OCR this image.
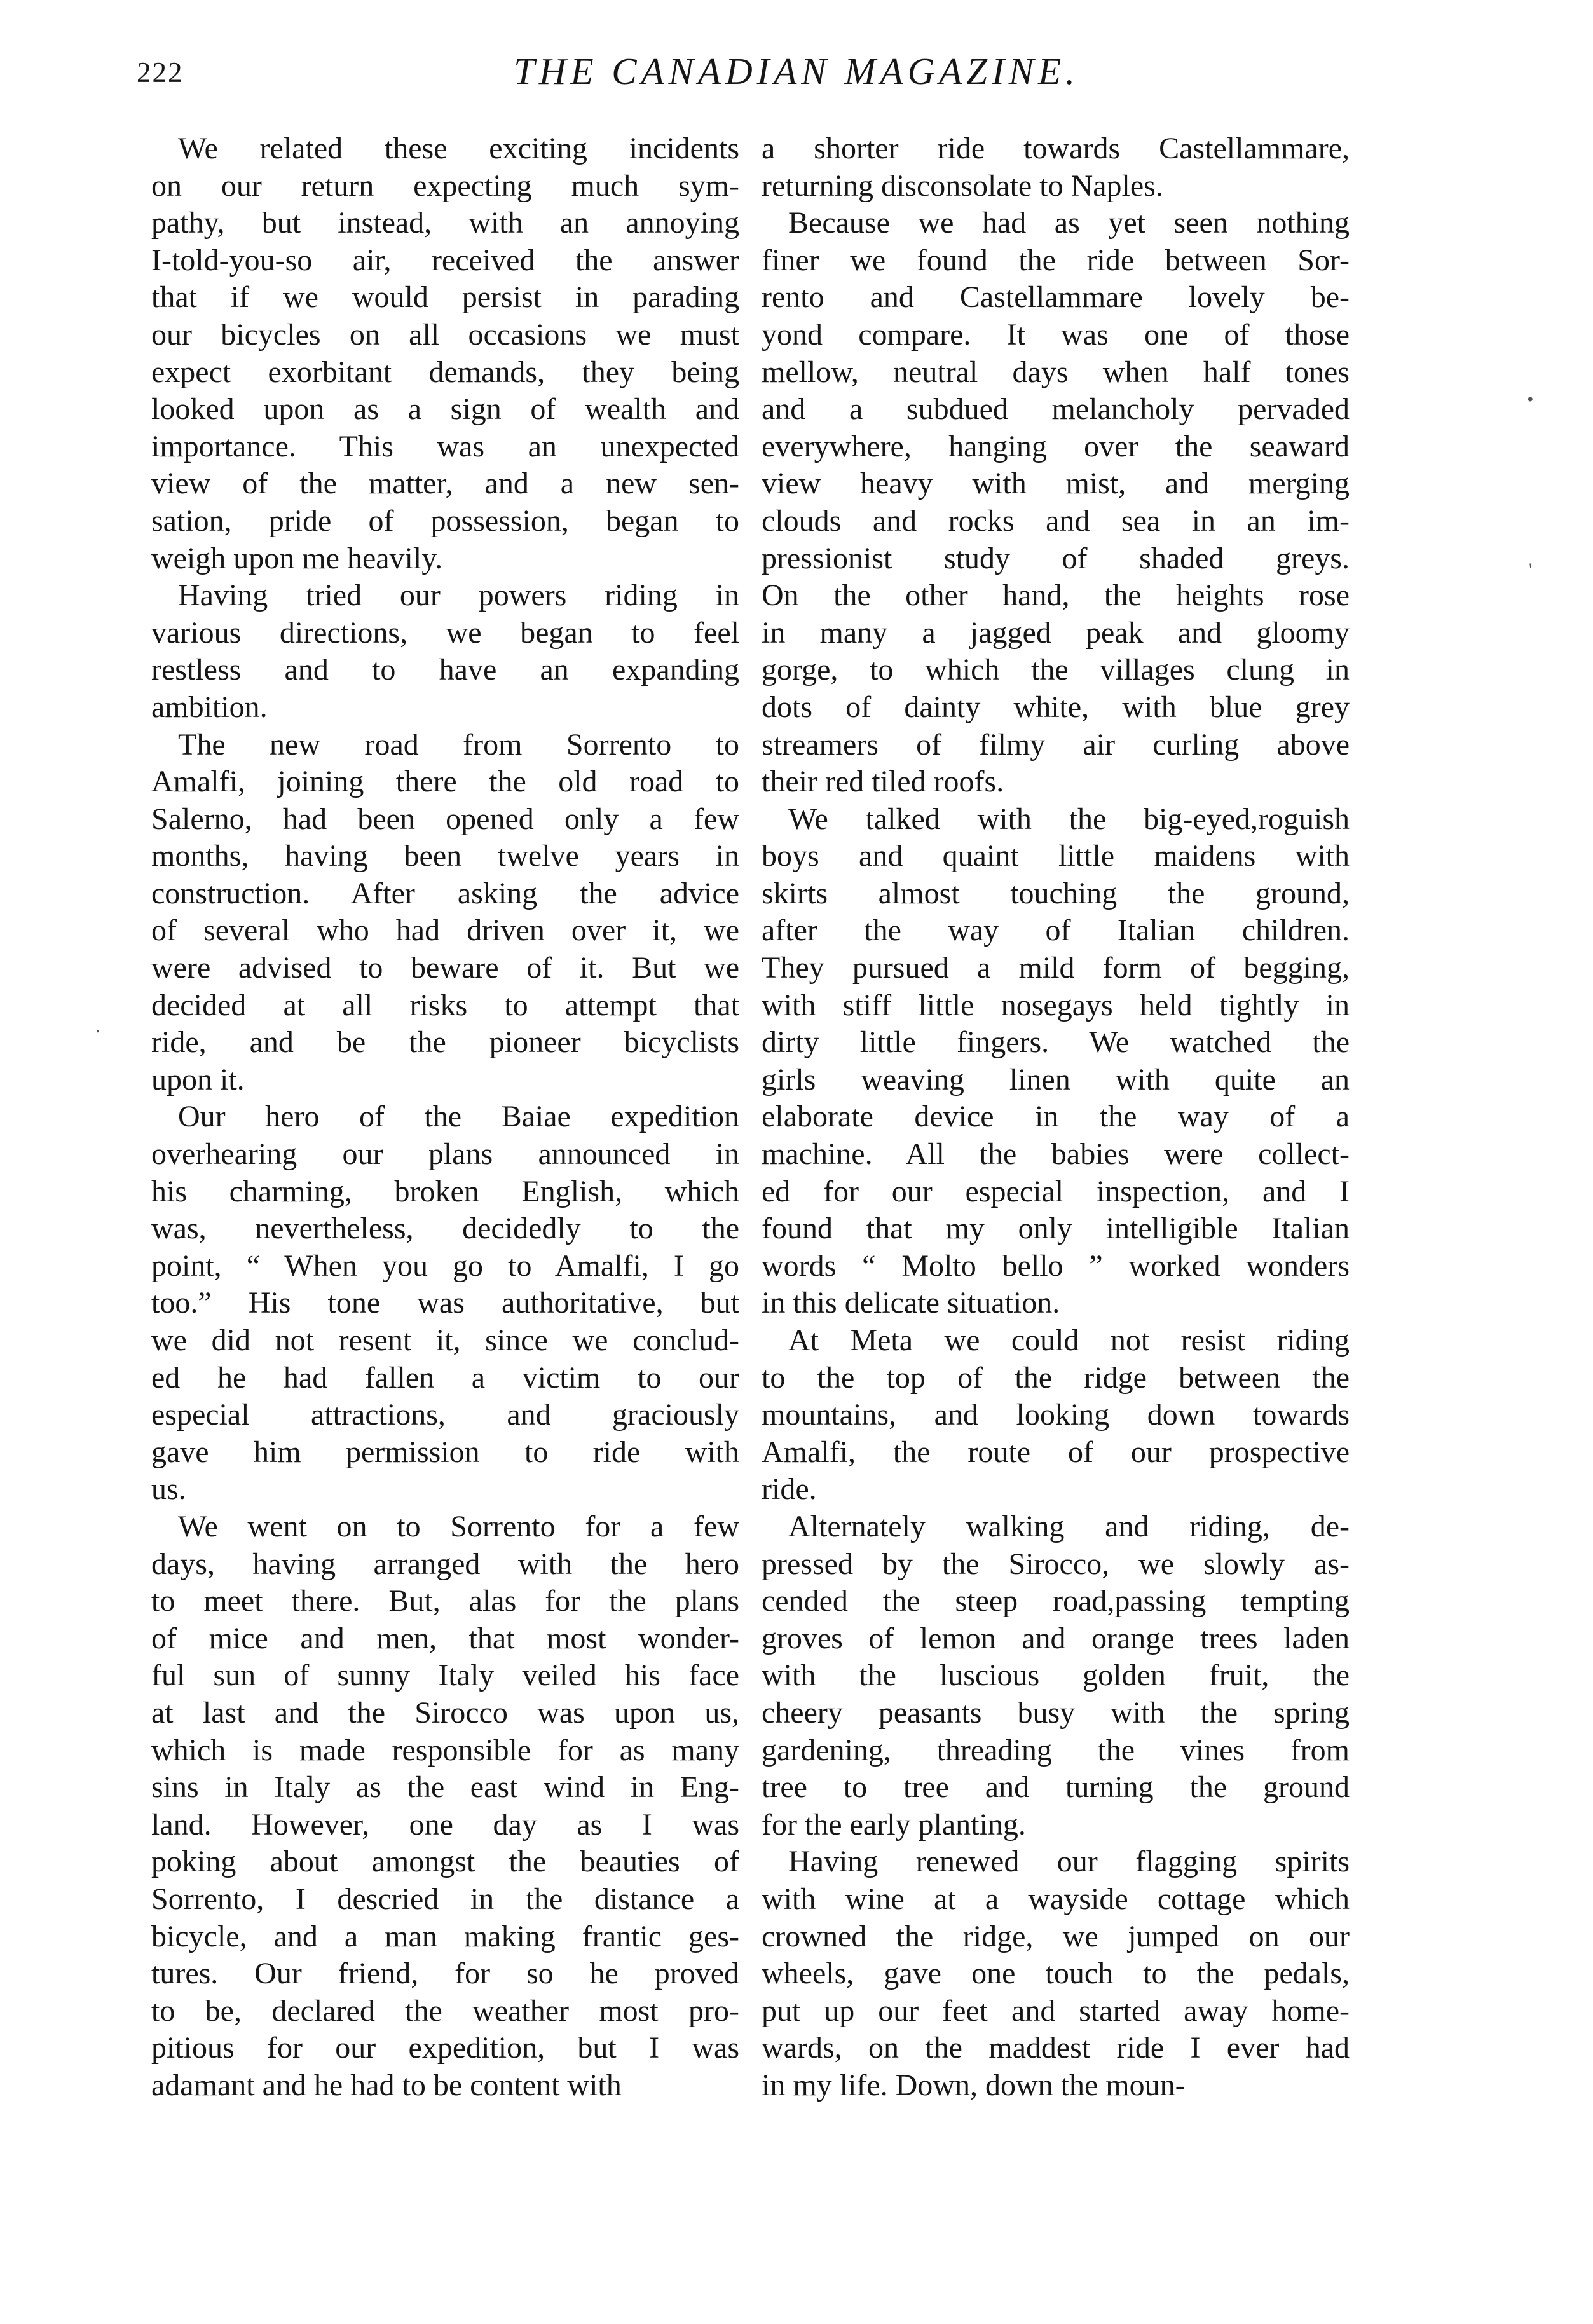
222	THE CANADIAN MAGAZINE.

We related these exciting incidents
on our return expecting much sym-
pathy, but instead, with an annoying
I-told-you-so air, received the answer
that if we would persist in parading
our bicycles on all occasions we must
expect exorbitant demands, they being
looked upon as a sign of wealth and
importance. This was an unexpected
view of the matter, and a new sen-
sation, pride of possession, began to
weigh upon me heavily.

Having tried our powers riding in
various directions, we began to feel
restless and to have an expanding
ambition.

The new road from Sorrento to
Amalfi, joining there the old road to
Salerno, had been opened only a few
months, having been twelve years in
construction. After asking the advice
of several who had driven over it, we
were advised to beware of it. But we
decided at all risks to attempt that
ride, and be the pioneer bicyclists
upon it.

Our hero of the Baiae expedition
overhearing our plans announced in
his charming, broken English, which
was, nevertheless, decidedly to the
point, “ When you go to Amalfi, I go
too.” His tone was authoritative, but
we did not resent it, since we conclud-
ed he had fallen a victim to our
especial attractions, and graciously
gave him permission to ride with
us.

We went on to Sorrento for a few
days, having arranged with the hero
to meet there. But, alas for the plans
of mice and men, that most wonder-
ful sun of sunny Italy veiled his face
at last and the Sirocco was upon us,
which is made responsible for as many
sins in Italy as the east wind in Eng-
land. However, one day as I was
poking about amongst the beauties of
Sorrento, I descried in the distance a
bicycle, and a man making frantic ges-
tures. Our friend, for so he proved
to be, declared the weather most pro-
pitious for our expedition, but I was
adamant and he had to be content with

a shorter ride towards Castellammare,
returning disconsolate to Naples.

Because we had as yet seen nothing
finer we found the ride between Sor-
rento and Castellammare lovely be-
yond compare. It was one of those
mellow, neutral days when half tones
and a subdued melancholy pervaded
everywhere, hanging over the seaward
view heavy with mist, and merging
clouds and rocks and sea in an im-
pressionist study of shaded greys.
On the other hand, the heights rose
in many a jagged peak and gloomy
gorge, to which the villages clung in
dots of dainty white, with blue grey
streamers of filmy air curling above
their red tiled roofs.

We talked with the big-eyed,roguish
boys and quaint little maidens with
skirts almost touching the ground,
after the way of Italian children.
They pursued a mild form of begging,
with stiff little nosegays held tightly in
dirty little fingers. We watched the
girls weaving linen with quite an
elaborate device in the way of a
machine. All the babies were collect-
ed for our especial inspection, and I
found that my only intelligible Italian
words “ Molto bello ” worked wonders
in this delicate situation.

At Meta we could not resist riding
to the top of the ridge between the
mountains, and looking down towards
Amalfi, the route of our prospective
ride.

Alternately walking and riding, de-
pressed by the Sirocco, we slowly as-
cended the steep road,passing tempting
groves of lemon and orange trees laden
with the luscious golden fruit, the
cheery peasants busy with the spring
gardening, threading the vines from
tree to tree and turning the ground
for the early planting.

Having renewed our flagging spirits
with wine at a wayside cottage which
crowned the ridge, we jumped on our
wheels, gave one touch to the pedals,
put up our feet and started away home-
wards, on the maddest ride I ever had
in my life. Down, down the moun-

•
'
.
